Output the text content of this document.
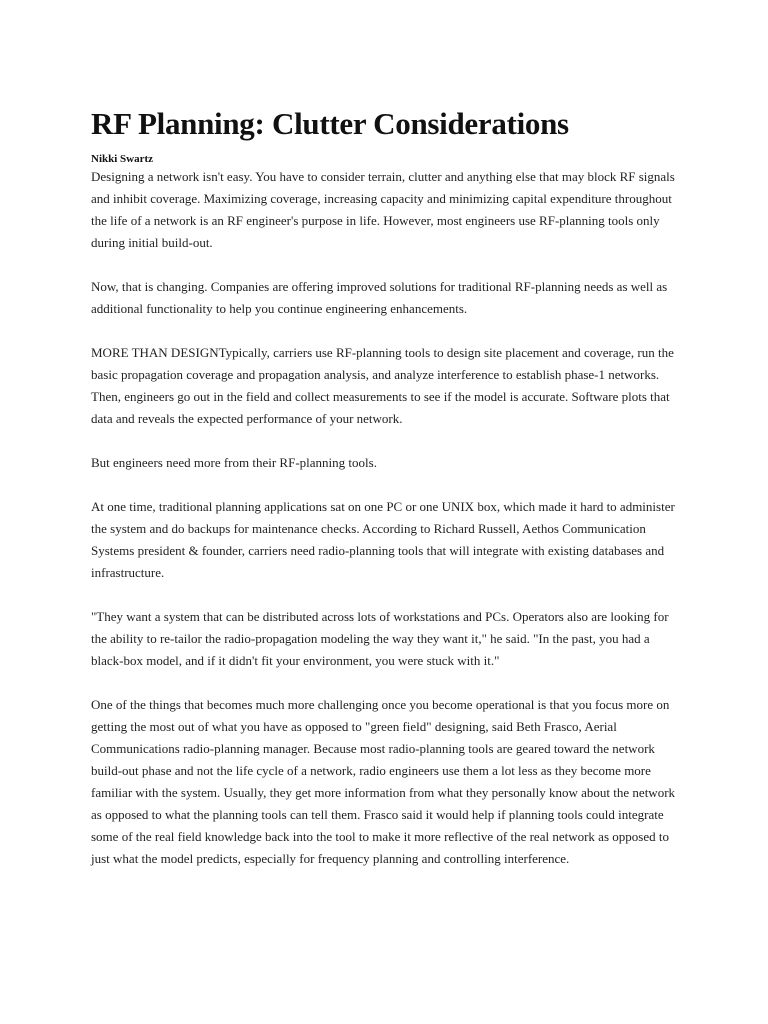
RF Planning: Clutter Considerations
Nikki Swartz

Designing a network isn't easy. You have to consider terrain, clutter and anything else that may block RF signals and inhibit coverage. Maximizing coverage, increasing capacity and minimizing capital expenditure throughout the life of a network is an RF engineer's purpose in life. However, most engineers use RF-planning tools only during initial build-out.

Now, that is changing. Companies are offering improved solutions for traditional RF-planning needs as well as additional functionality to help you continue engineering enhancements.

MORE THAN DESIGNTypically, carriers use RF-planning tools to design site placement and coverage, run the basic propagation coverage and propagation analysis, and analyze interference to establish phase-1 networks. Then, engineers go out in the field and collect measurements to see if the model is accurate. Software plots that data and reveals the expected performance of your network.

But engineers need more from their RF-planning tools.

At one time, traditional planning applications sat on one PC or one UNIX box, which made it hard to administer the system and do backups for maintenance checks. According to Richard Russell, Aethos Communication Systems president & founder, carriers need radio-planning tools that will integrate with existing databases and infrastructure.

"They want a system that can be distributed across lots of workstations and PCs. Operators also are looking for the ability to re-tailor the radio-propagation modeling the way they want it," he said. "In the past, you had a black-box model, and if it didn't fit your environment, you were stuck with it."

One of the things that becomes much more challenging once you become operational is that you focus more on getting the most out of what you have as opposed to "green field" designing, said Beth Frasco, Aerial Communications radio-planning manager. Because most radio-planning tools are geared toward the network build-out phase and not the life cycle of a network, radio engineers use them a lot less as they become more familiar with the system. Usually, they get more information from what they personally know about the network as opposed to what the planning tools can tell them. Frasco said it would help if planning tools could integrate some of the real field knowledge back into the tool to make it more reflective of the real network as opposed to just what the model predicts, especially for frequency planning and controlling interference.
